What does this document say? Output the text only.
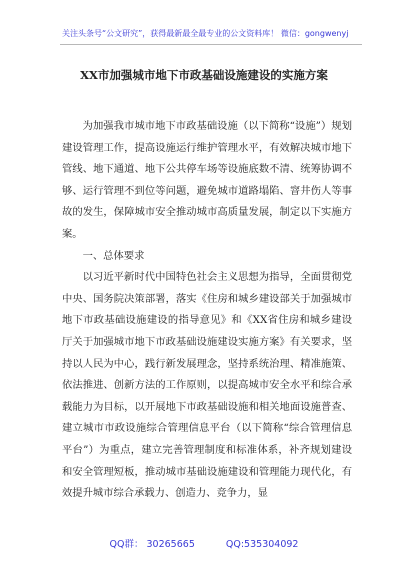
关注头条号“公文研究”，获得最新最全最专业的公文资料库！ 微信：gongwenyj
XX市加强城市地下市政基础设施建设的实施方案

为加强我市城市地下市政基础设施（以下简称“设施”）规划建设管理工作，提高设施运行维护管理水平，有效解决城市地下管线、地下通道、地下公共停车场等设施底数不清、统筹协调不够、运行管理不到位等问题，避免城市道路塌陷、窨井伤人等事故的发生，保障城市安全推动城市高质量发展，制定以下实施方案。

一、总体要求

以习近平新时代中国特色社会主义思想为指导，全面贯彻党中央、国务院决策部署，落实《住房和城乡建设部关于加强城市地下市政基础设施建设的指导意见》和《XX省住房和城乡建设厅关于加强城市地下市政基础设施建设实施方案》有关要求，坚持以人民为中心，践行新发展理念，坚持系统治理、精准施策、依法推进、创新方法的工作原则，以提高城市安全水平和综合承载能力为目标，以开展地下市政基础设施和相关地面设施普查、建立城市市政设施综合管理信息平台（以下简称“综合管理信息平台”）为重点，建立完善管理制度和标准体系，补齐规划建设和安全管理短板，推动城市基础设施建设和管理能力现代化，有效提升城市综合承载力、创造力、竞争力，显

QQ群： 30265665	QQ:535304092
